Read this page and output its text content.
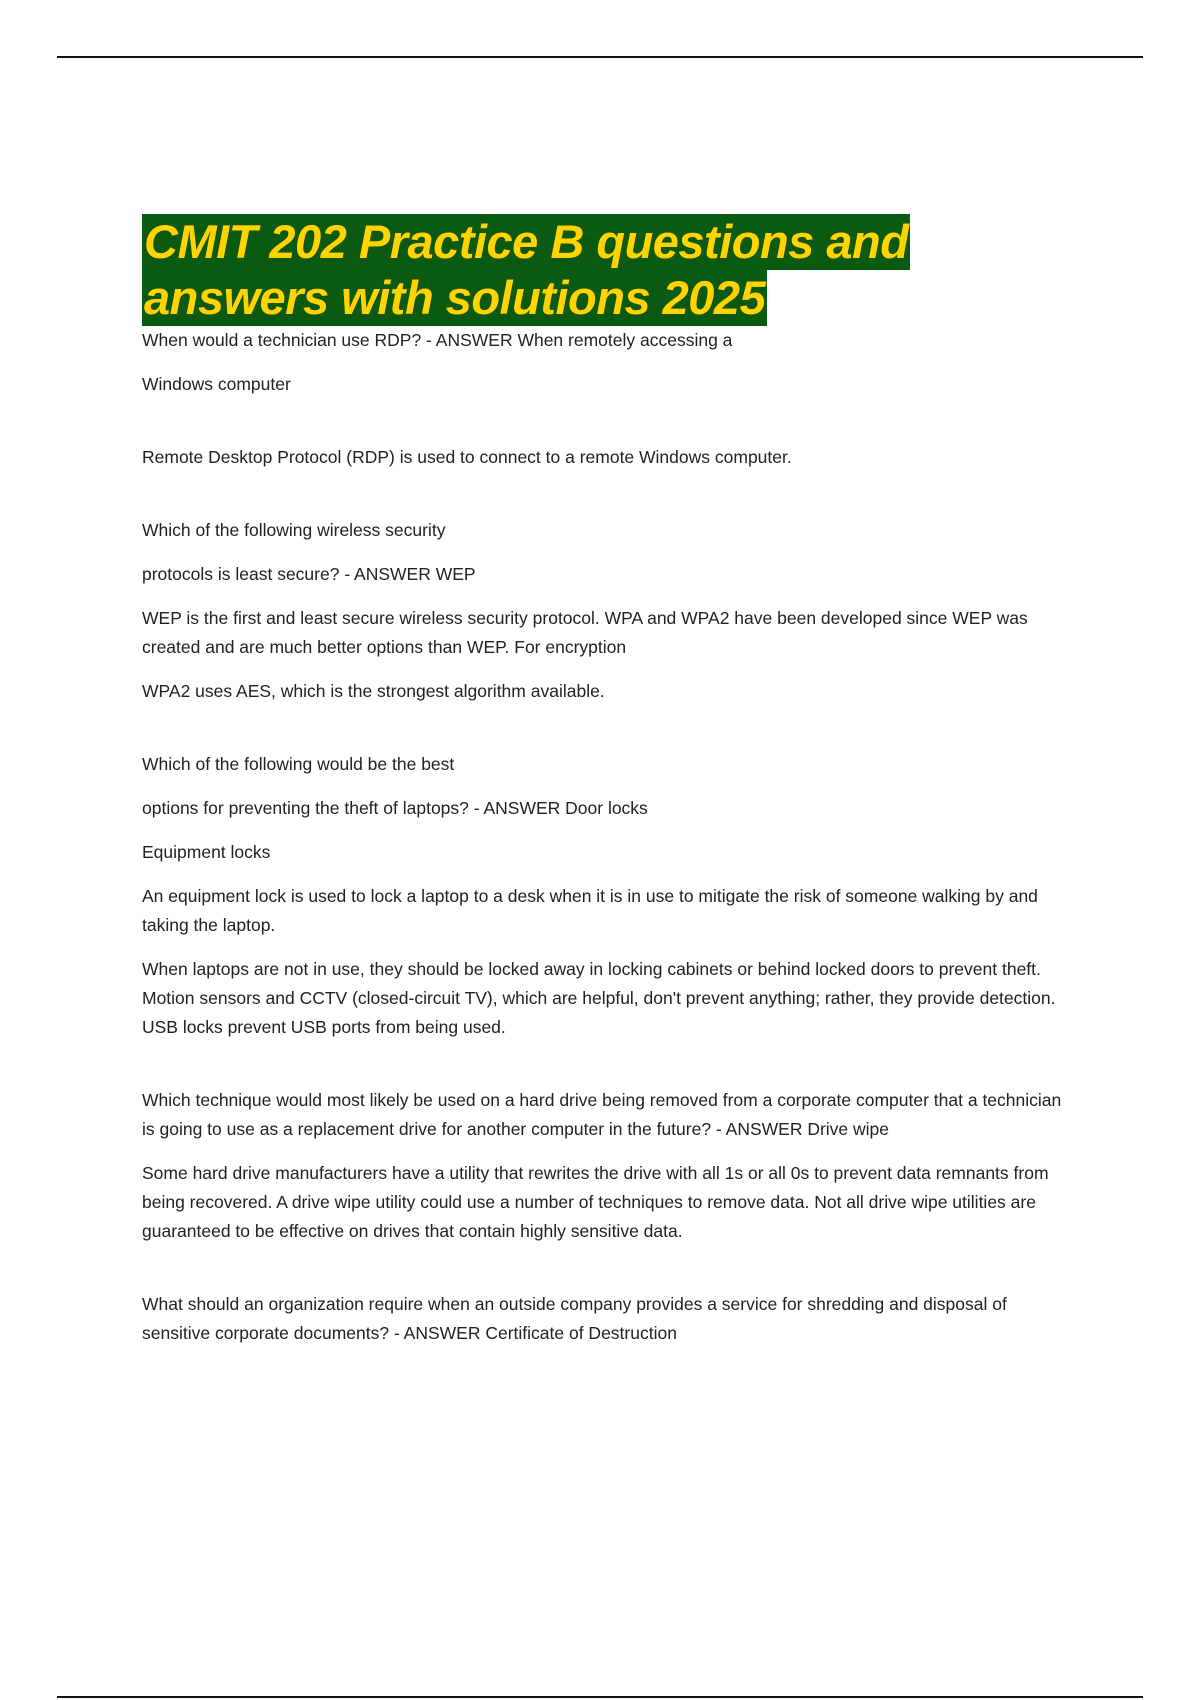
CMIT 202 Practice B questions and
answers with solutions 2025

When would a technician use RDP? - ANSWER When remotely accessing a

Windows computer

Remote Desktop Protocol (RDP) is used to connect to a remote Windows computer.

Which of the following wireless security

protocols is least secure? - ANSWER WEP

WEP is the first and least secure wireless security protocol. WPA and WPA2 have been developed since WEP was created and are much better options than WEP. For encryption

WPA2 uses AES, which is the strongest algorithm available.

Which of the following would be the best

options for preventing the theft of laptops? - ANSWER Door locks

Equipment locks

An equipment lock is used to lock a laptop to a desk when it is in use to mitigate the risk of someone walking by and taking the laptop.

When laptops are not in use, they should be locked away in locking cabinets or behind locked doors to prevent theft. Motion sensors and CCTV (closed-circuit TV), which are helpful, don't prevent anything; rather, they provide detection. USB locks prevent USB ports from being used.

Which technique would most likely be used on a hard drive being removed from a corporate computer that a technician is going to use as a replacement drive for another computer in the future? - ANSWER Drive wipe

Some hard drive manufacturers have a utility that rewrites the drive with all 1s or all 0s to prevent data remnants from being recovered. A drive wipe utility could use a number of techniques to remove data. Not all drive wipe utilities are guaranteed to be effective on drives that contain highly sensitive data.

What should an organization require when an outside company provides a service for shredding and disposal of sensitive corporate documents? - ANSWER Certificate of Destruction
